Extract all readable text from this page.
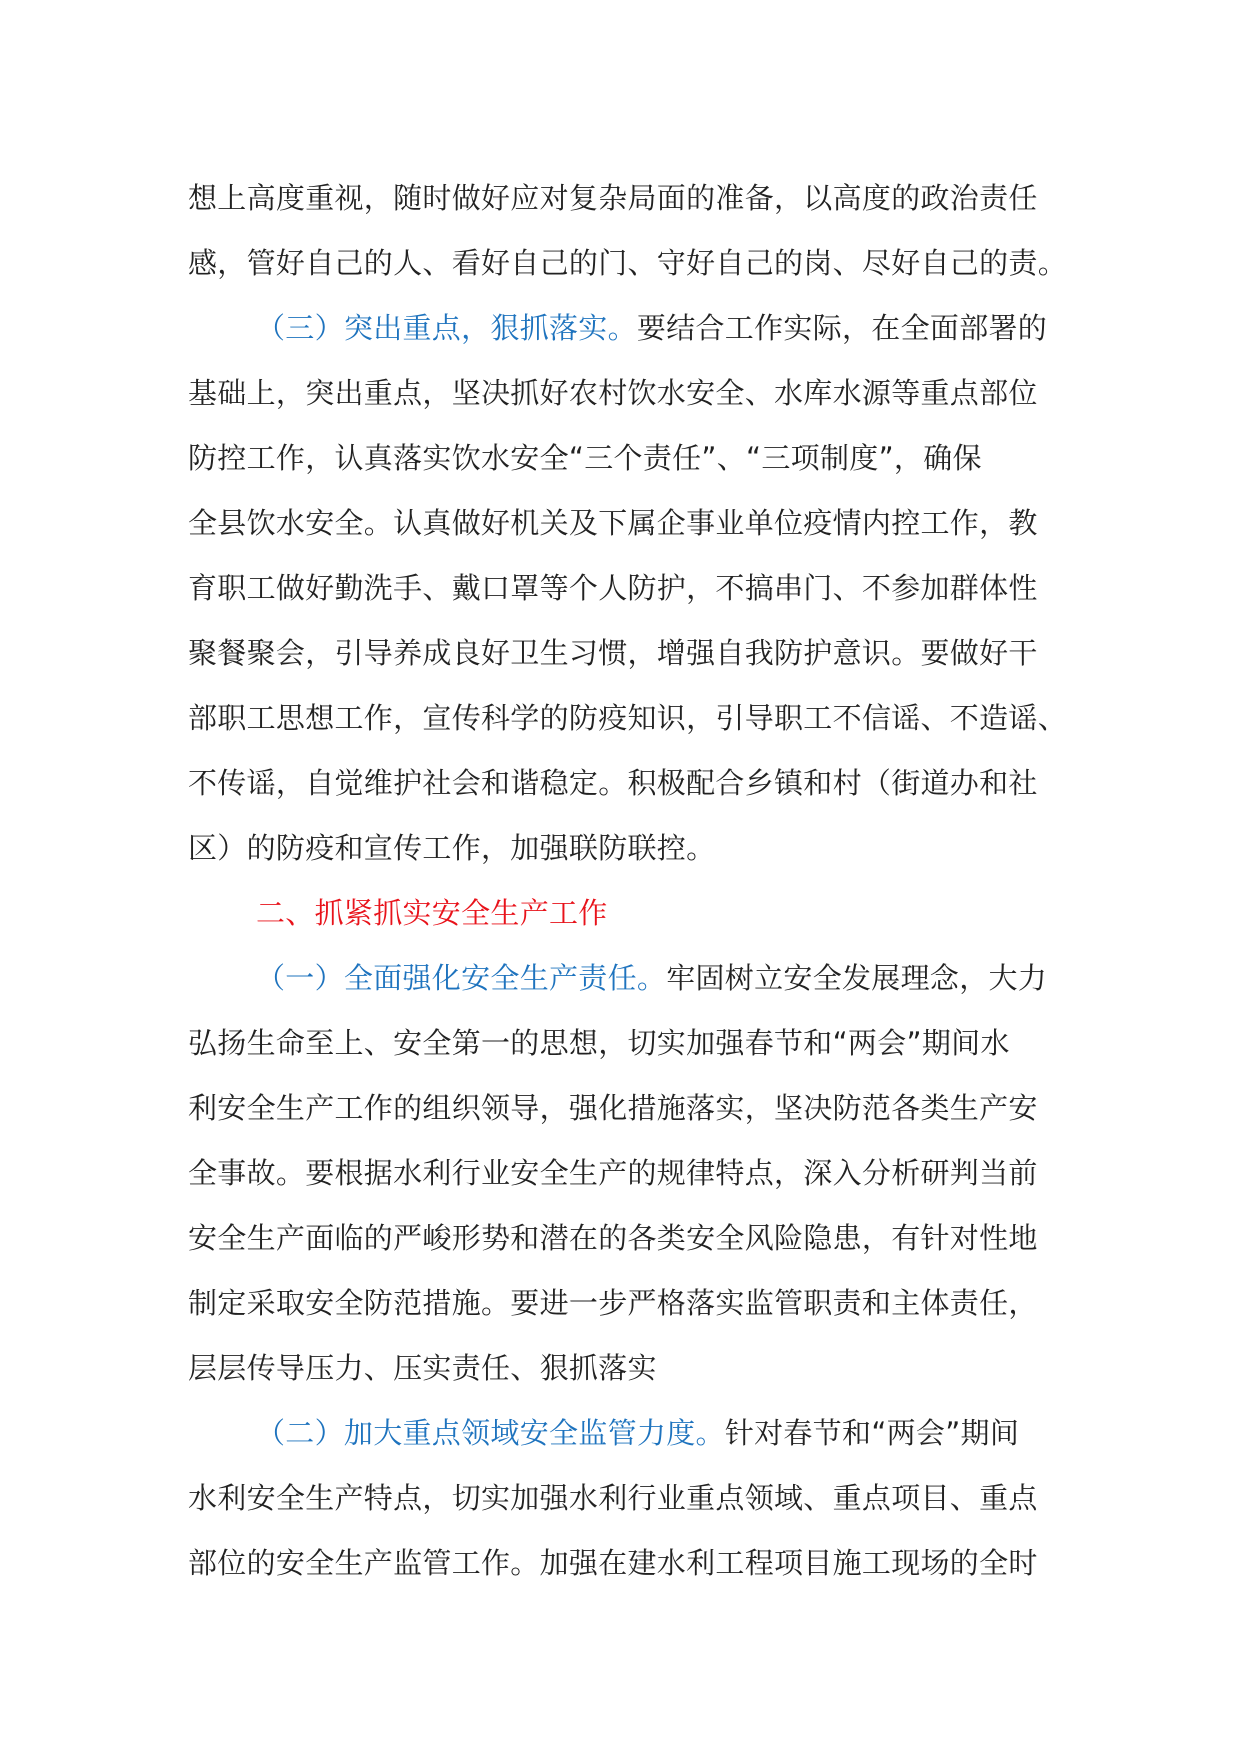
想上高度重视，随时做好应对复杂局面的准备，以高度的政治责任
感，管好自己的人、看好自己的门、守好自己的岗、尽好自己的责。
（三）突出重点，狠抓落实。要结合工作实际，在全面部署的
基础上，突出重点，坚决抓好农村饮水安全、水库水源等重点部位
防控工作，认真落实饮水安全“三个责任”、“三项制度”，确保
全县饮水安全。认真做好机关及下属企事业单位疫情内控工作，教
育职工做好勤洗手、戴口罩等个人防护，不搞串门、不参加群体性
聚餐聚会，引导养成良好卫生习惯，增强自我防护意识。要做好干
部职工思想工作，宣传科学的防疫知识，引导职工不信谣、不造谣、
不传谣，自觉维护社会和谐稳定。积极配合乡镇和村（街道办和社
区）的防疫和宣传工作，加强联防联控。
二、抓紧抓实安全生产工作
（一）全面强化安全生产责任。牢固树立安全发展理念，大力
弘扬生命至上、安全第一的思想，切实加强春节和“两会”期间水
利安全生产工作的组织领导，强化措施落实，坚决防范各类生产安
全事故。要根据水利行业安全生产的规律特点，深入分析研判当前
安全生产面临的严峻形势和潜在的各类安全风险隐患，有针对性地
制定采取安全防范措施。要进一步严格落实监管职责和主体责任，
层层传导压力、压实责任、狠抓落实
（二）加大重点领域安全监管力度。针对春节和“两会”期间
水利安全生产特点，切实加强水利行业重点领域、重点项目、重点
部位的安全生产监管工作。加强在建水利工程项目施工现场的全时
